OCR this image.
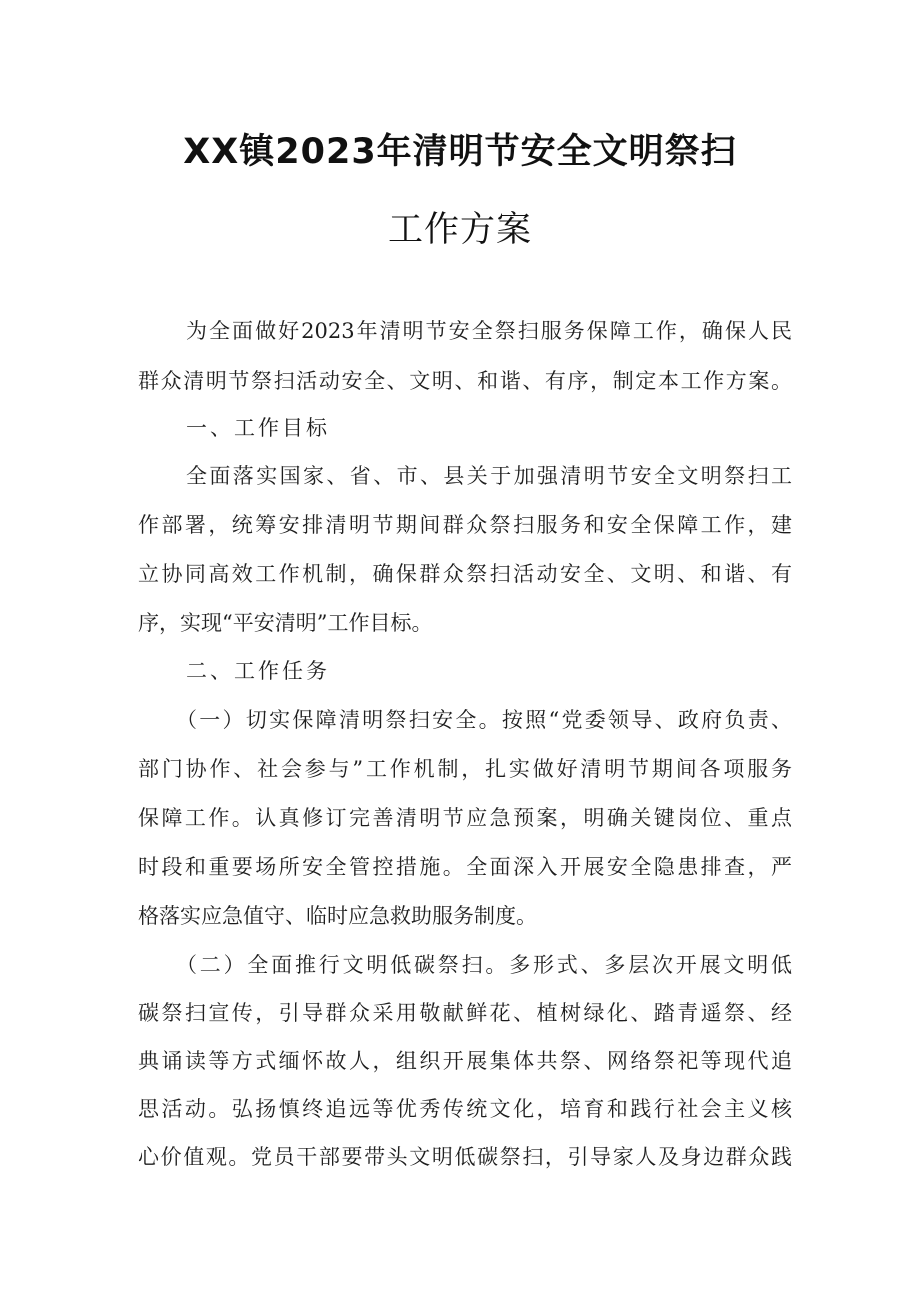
XX镇2023年清明节安全文明祭扫
工作方案
为全面做好2023年清明节安全祭扫服务保障工作，确保人民
群众清明节祭扫活动安全、文明、和谐、有序，制定本工作方案。
一、工作目标
全面落实国家、省、市、县关于加强清明节安全文明祭扫工
作部署，统筹安排清明节期间群众祭扫服务和安全保障工作，建
立协同高效工作机制，确保群众祭扫活动安全、文明、和谐、有
序，实现“平安清明”工作目标。
二、工作任务
（一）切实保障清明祭扫安全。按照“党委领导、政府负责、
部门协作、社会参与”工作机制，扎实做好清明节期间各项服务
保障工作。认真修订完善清明节应急预案，明确关键岗位、重点
时段和重要场所安全管控措施。全面深入开展安全隐患排查，严
格落实应急值守、临时应急救助服务制度。
（二）全面推行文明低碳祭扫。多形式、多层次开展文明低
碳祭扫宣传，引导群众采用敬献鲜花、植树绿化、踏青遥祭、经
典诵读等方式缅怀故人，组织开展集体共祭、网络祭祀等现代追
思活动。弘扬慎终追远等优秀传统文化，培育和践行社会主义核
心价值观。党员干部要带头文明低碳祭扫，引导家人及身边群众践
